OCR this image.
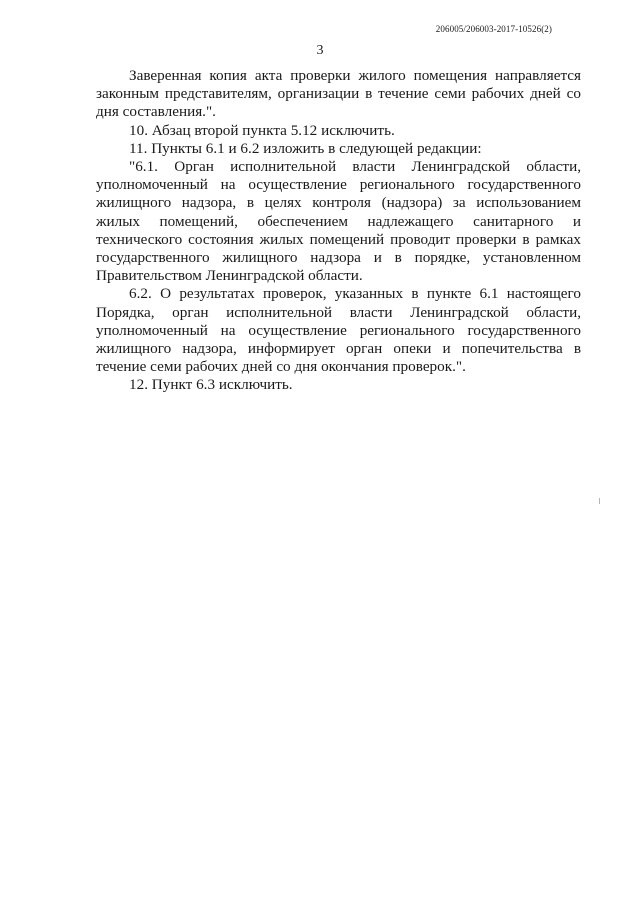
206005/206003-2017-10526(2)
3

Заверенная копия акта проверки жилого помещения направляется законным представителям, организации в течение семи рабочих дней со дня составления.".

10. Абзац второй пункта 5.12 исключить.

11. Пункты 6.1 и 6.2 изложить в следующей редакции:

"6.1. Орган исполнительной власти Ленинградской области, уполномоченный на осуществление регионального государственного жилищного надзора, в целях контроля (надзора) за использованием жилых помещений, обеспечением надлежащего санитарного и технического состояния жилых помещений проводит проверки в рамках государственного жилищного надзора и в порядке, установленном Правительством Ленинградской области.

6.2. О результатах проверок, указанных в пункте 6.1 настоящего Порядка, орган исполнительной власти Ленинградской области, уполномоченный на осуществление регионального государственного жилищного надзора, информирует орган опеки и попечительства в течение семи рабочих дней со дня окончания проверок.".

12. Пункт 6.3 исключить.
